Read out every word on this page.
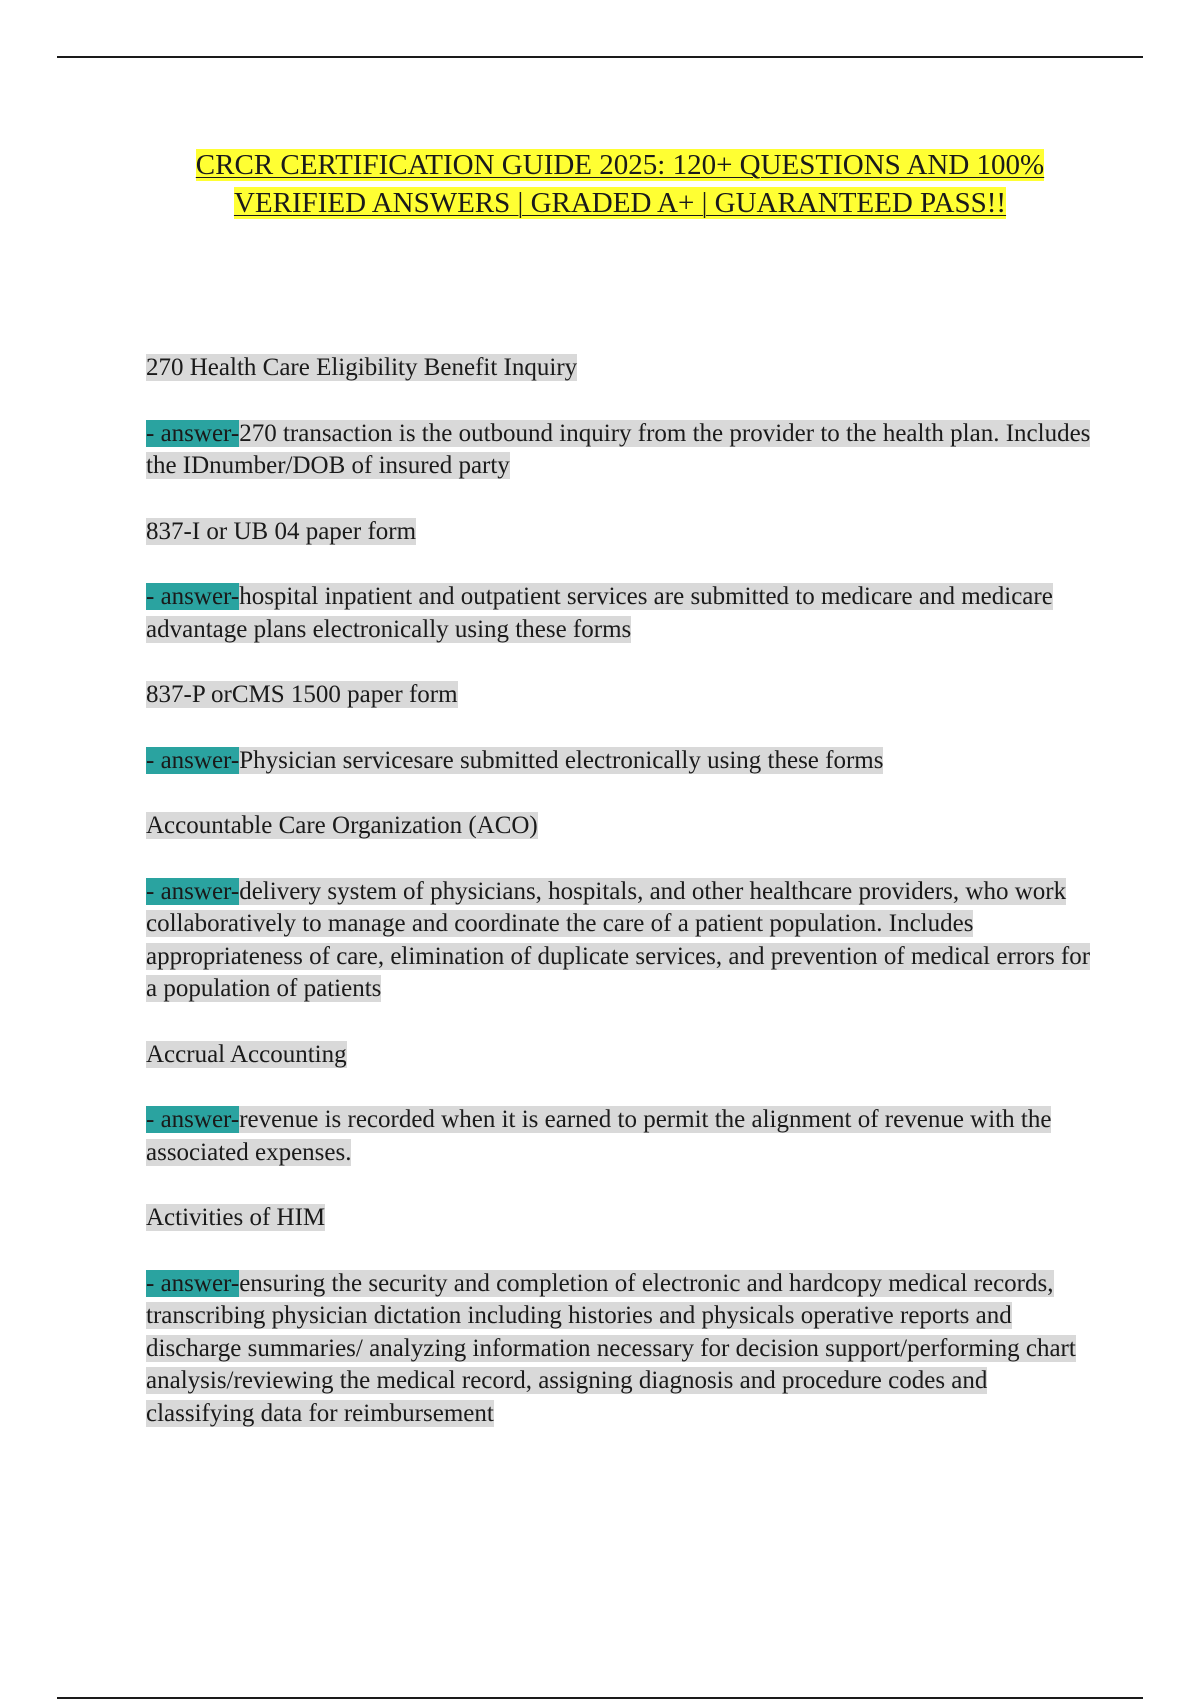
CRCR CERTIFICATION GUIDE 2025: 120+ QUESTIONS AND 100% VERIFIED ANSWERS | GRADED A+ | GUARANTEED PASS!!

270 Health Care Eligibility Benefit Inquiry

- answer-270 transaction is the outbound inquiry from the provider to the health plan. Includes the IDnumber/DOB of insured party

837-I or UB 04 paper form

- answer-hospital inpatient and outpatient services are submitted to medicare and medicare advantage plans electronically using these forms

837-P orCMS 1500 paper form

- answer-Physician servicesare submitted electronically using these forms

Accountable Care Organization (ACO)

- answer-delivery system of physicians, hospitals, and other healthcare providers, who work collaboratively to manage and coordinate the care of a patient population. Includes appropriateness of care, elimination of duplicate services, and prevention of medical errors for a population of patients

Accrual Accounting

- answer-revenue is recorded when it is earned to permit the alignment of revenue with the associated expenses.

Activities of HIM

- answer-ensuring the security and completion of electronic and hardcopy medical records, transcribing physician dictation including histories and physicals operative reports and discharge summaries/ analyzing information necessary for decision support/performing chart analysis/reviewing the medical record, assigning diagnosis and procedure codes and classifying data for reimbursement
